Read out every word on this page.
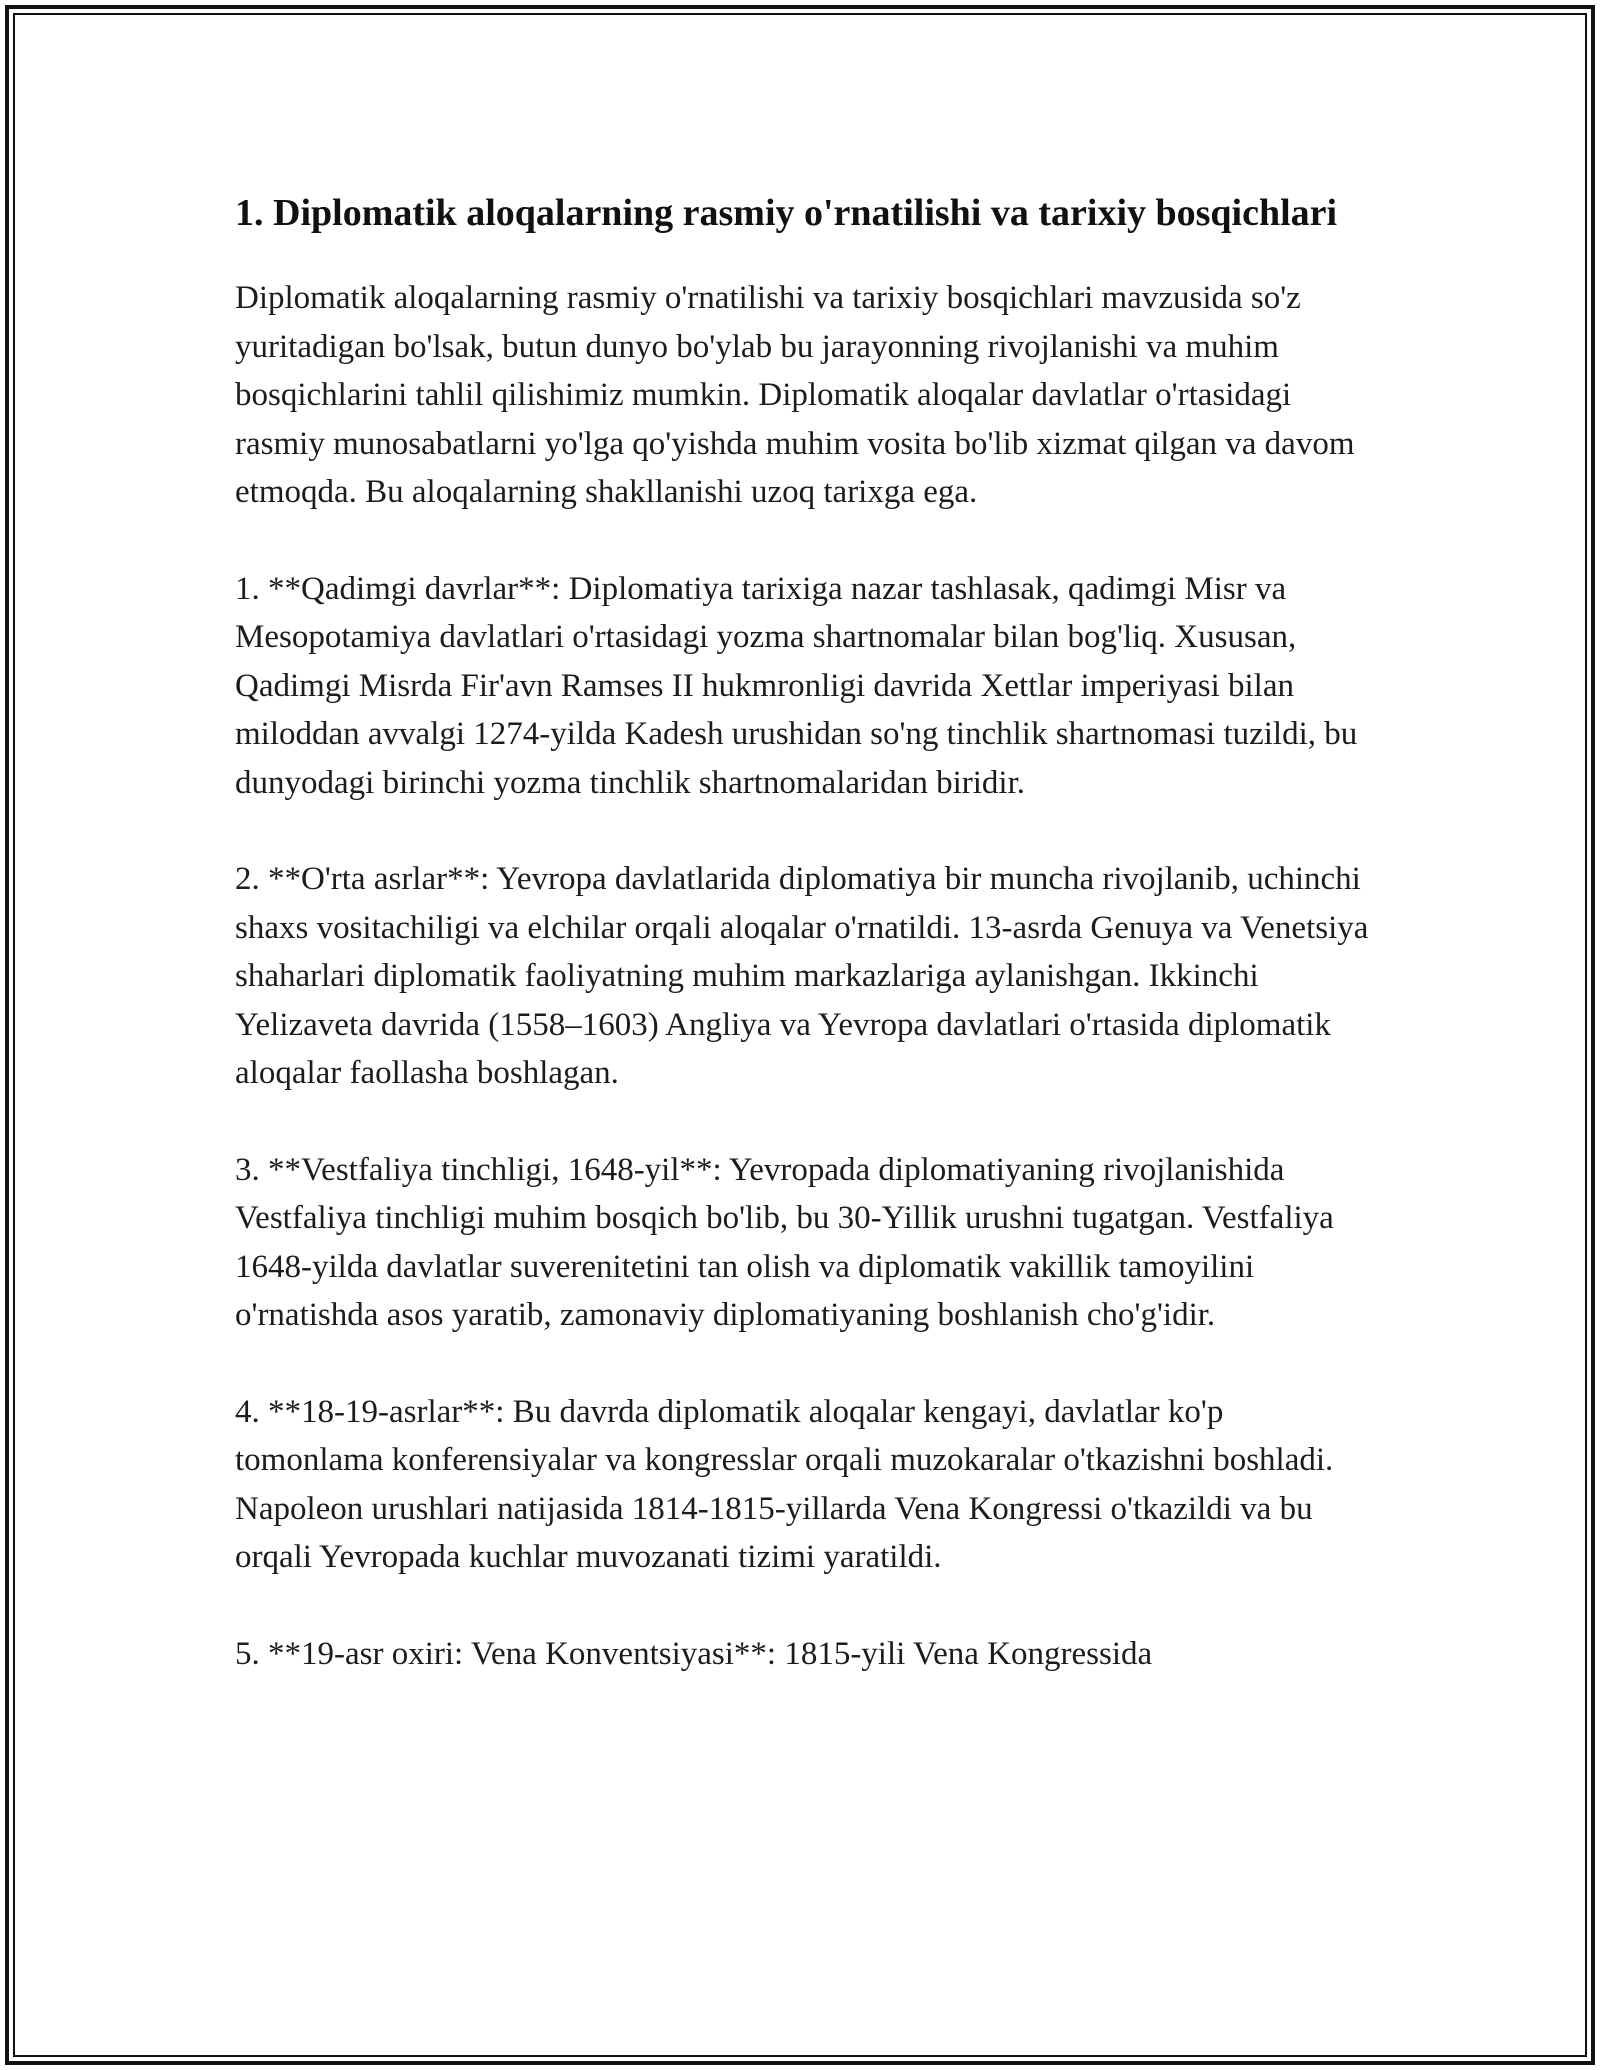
1. Diplomatik aloqalarning rasmiy o'rnatilishi va tarixiy bosqichlari

Diplomatik aloqalarning rasmiy o'rnatilishi va tarixiy bosqichlari mavzusida so'z yuritadigan bo'lsak, butun dunyo bo'ylab bu jarayonning rivojlanishi va muhim bosqichlarini tahlil qilishimiz mumkin. Diplomatik aloqalar davlatlar o'rtasidagi rasmiy munosabatlarni yo'lga qo'yishda muhim vosita bo'lib xizmat qilgan va davom etmoqda. Bu aloqalarning shakllanishi uzoq tarixga ega.

1. **Qadimgi davrlar**: Diplomatiya tarixiga nazar tashlasak, qadimgi Misr va Mesopotamiya davlatlari o'rtasidagi yozma shartnomalar bilan bog'liq. Xususan, Qadimgi Misrda Fir'avn Ramses II hukmronligi davrida Xettlar imperiyasi bilan miloddan avvalgi 1274-yilda Kadesh urushidan so'ng tinchlik shartnomasi tuzildi, bu dunyodagi birinchi yozma tinchlik shartnomalaridan biridir.

2. **O'rta asrlar**: Yevropa davlatlarida diplomatiya bir muncha rivojlanib, uchinchi shaxs vositachiligi va elchilar orqali aloqalar o'rnatildi. 13-asrda Genuya va Venetsiya shaharlari diplomatik faoliyatning muhim markazlariga aylanishgan. Ikkinchi Yelizaveta davrida (1558–1603) Angliya va Yevropa davlatlari o'rtasida diplomatik aloqalar faollasha boshlagan.

3. **Vestfaliya tinchligi, 1648-yil**: Yevropada diplomatiyaning rivojlanishida Vestfaliya tinchligi muhim bosqich bo'lib, bu 30-Yillik urushni tugatgan. Vestfaliya 1648-yilda davlatlar suverenitetini tan olish va diplomatik vakillik tamoyilini o'rnatishda asos yaratib, zamonaviy diplomatiyaning boshlanish cho'g'idir.

4. **18-19-asrlar**: Bu davrda diplomatik aloqalar kengayi, davlatlar ko'p tomonlama konferensiyalar va kongresslar orqali muzokaralar o'tkazishni boshladi. Napoleon urushlari natijasida 1814-1815-yillarda Vena Kongressi o'tkazildi va bu orqali Yevropada kuchlar muvozanati tizimi yaratildi.

5. **19-asr oxiri: Vena Konventsiyasi**: 1815-yili Vena Kongressida
